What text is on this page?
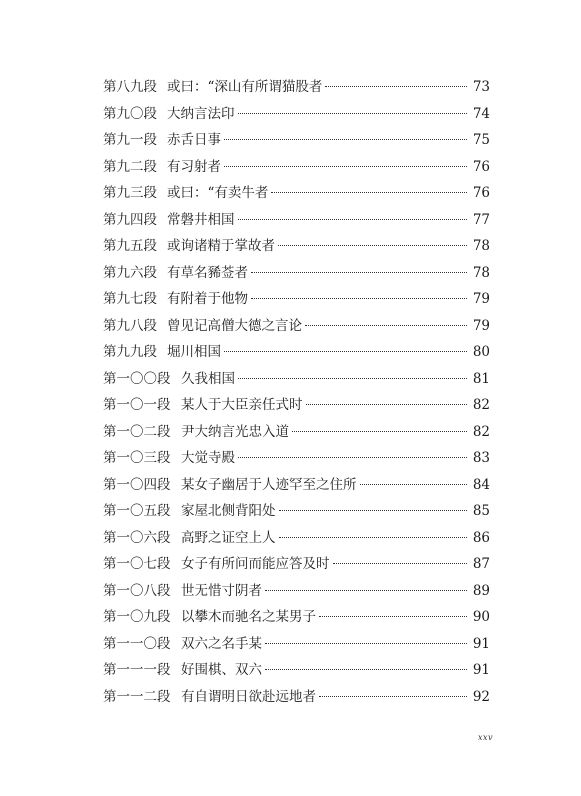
第八九段 或曰：“深山有所谓猫股者	73
第九〇段 大纳言法印	74
第九一段 赤舌日事	75
第九二段 有习射者	76
第九三段 或曰：“有卖牛者	76
第九四段 常磐井相国	77
第九五段 或询诸精于掌故者	78
第九六段 有草名豨莶者	78
第九七段 有附着于他物	79
第九八段 曾见记高僧大德之言论	79
第九九段 堀川相国	80
第一〇〇段 久我相国	81
第一〇一段 某人于大臣亲任式时	82
第一〇二段 尹大纳言光忠入道	82
第一〇三段 大觉寺殿	83
第一〇四段 某女子幽居于人迹罕至之住所	84
第一〇五段 家屋北侧背阳处	85
第一〇六段 高野之证空上人	86
第一〇七段 女子有所问而能应答及时	87
第一〇八段 世无惜寸阴者	89
第一〇九段 以攀木而驰名之某男子	90
第一一〇段 双六之名手某	91
第一一一段 好围棋、双六	91
第一一二段 有自谓明日欲赴远地者	92
xxv
